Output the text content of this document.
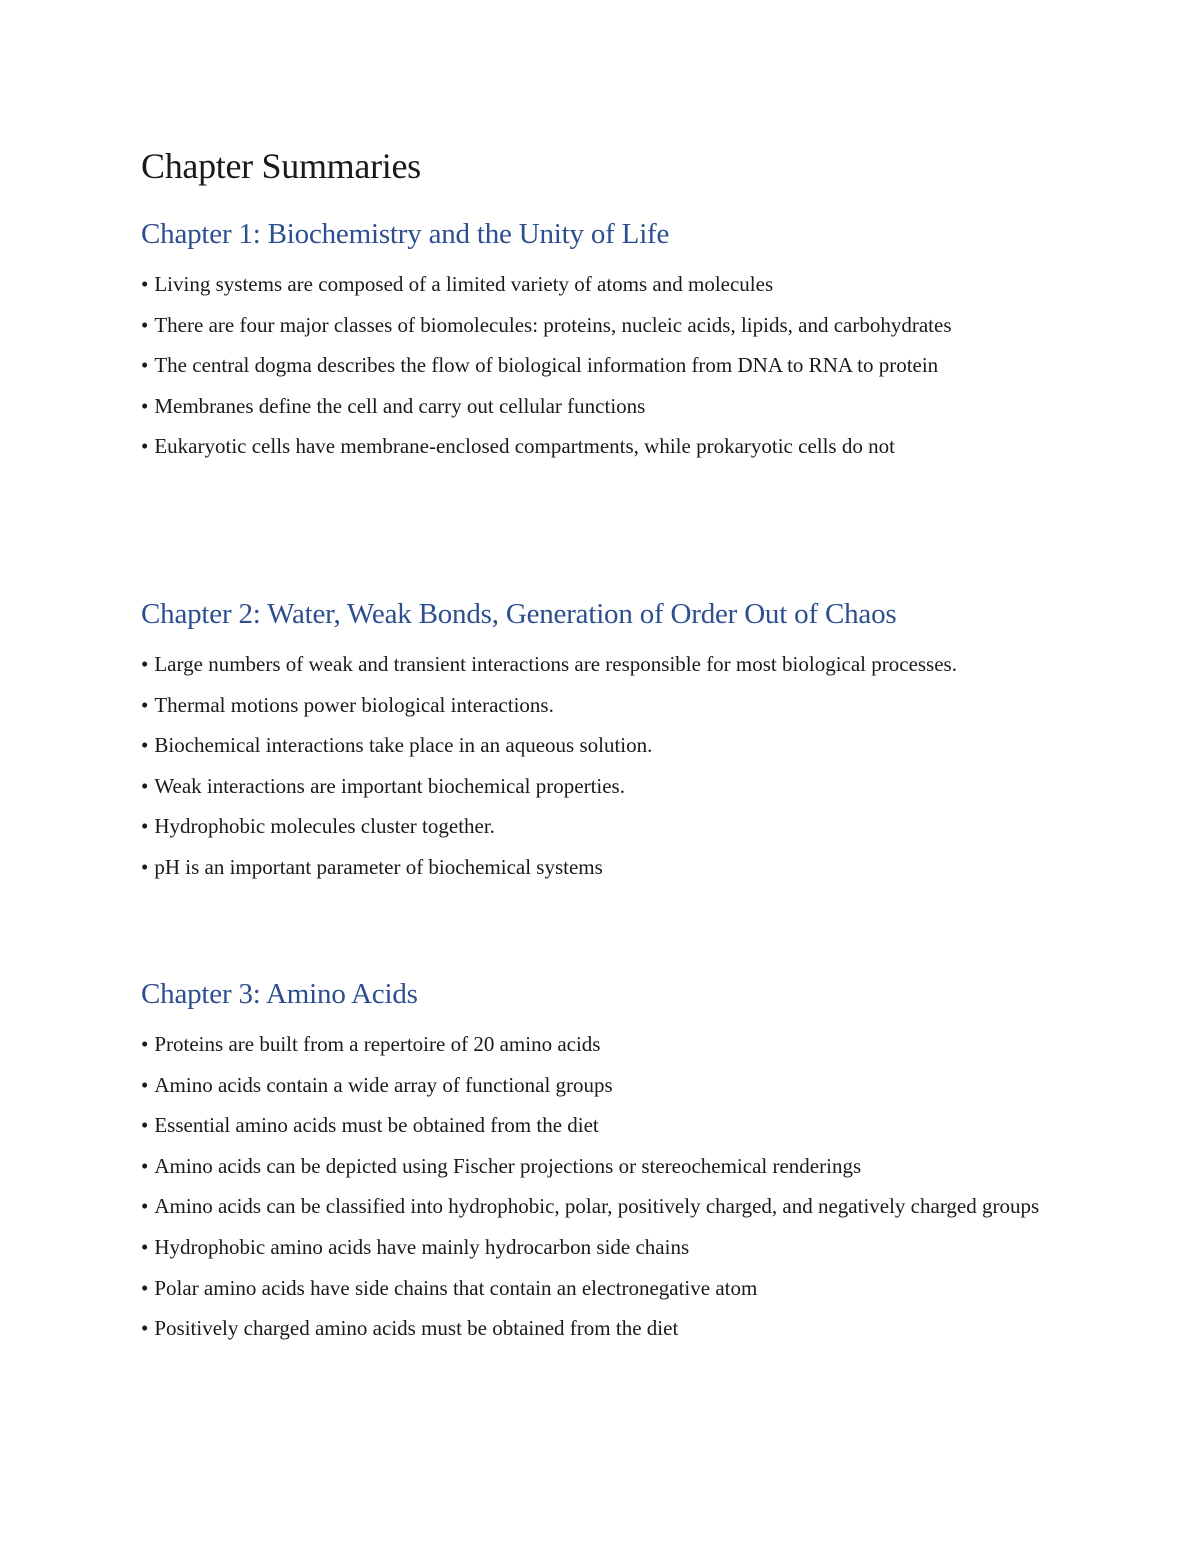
Chapter Summaries
Chapter 1: Biochemistry and the Unity of Life
• Living systems are composed of a limited variety of atoms and molecules
• There are four major classes of biomolecules: proteins, nucleic acids, lipids, and carbohydrates
• The central dogma describes the flow of biological information from DNA to RNA to protein
• Membranes define the cell and carry out cellular functions
• Eukaryotic cells have membrane-enclosed compartments, while prokaryotic cells do not
Chapter 2: Water, Weak Bonds, Generation of Order Out of Chaos
• Large numbers of weak and transient interactions are responsible for most biological processes.
• Thermal motions power biological interactions.
• Biochemical interactions take place in an aqueous solution.
• Weak interactions are important biochemical properties.
• Hydrophobic molecules cluster together.
• pH is an important parameter of biochemical systems
Chapter 3: Amino Acids
• Proteins are built from a repertoire of 20 amino acids
• Amino acids contain a wide array of functional groups
• Essential amino acids must be obtained from the diet
• Amino acids can be depicted using Fischer projections or stereochemical renderings
• Amino acids can be classified into hydrophobic, polar, positively charged, and negatively charged groups
• Hydrophobic amino acids have mainly hydrocarbon side chains
• Polar amino acids have side chains that contain an electronegative atom
• Positively charged amino acids must be obtained from the diet
